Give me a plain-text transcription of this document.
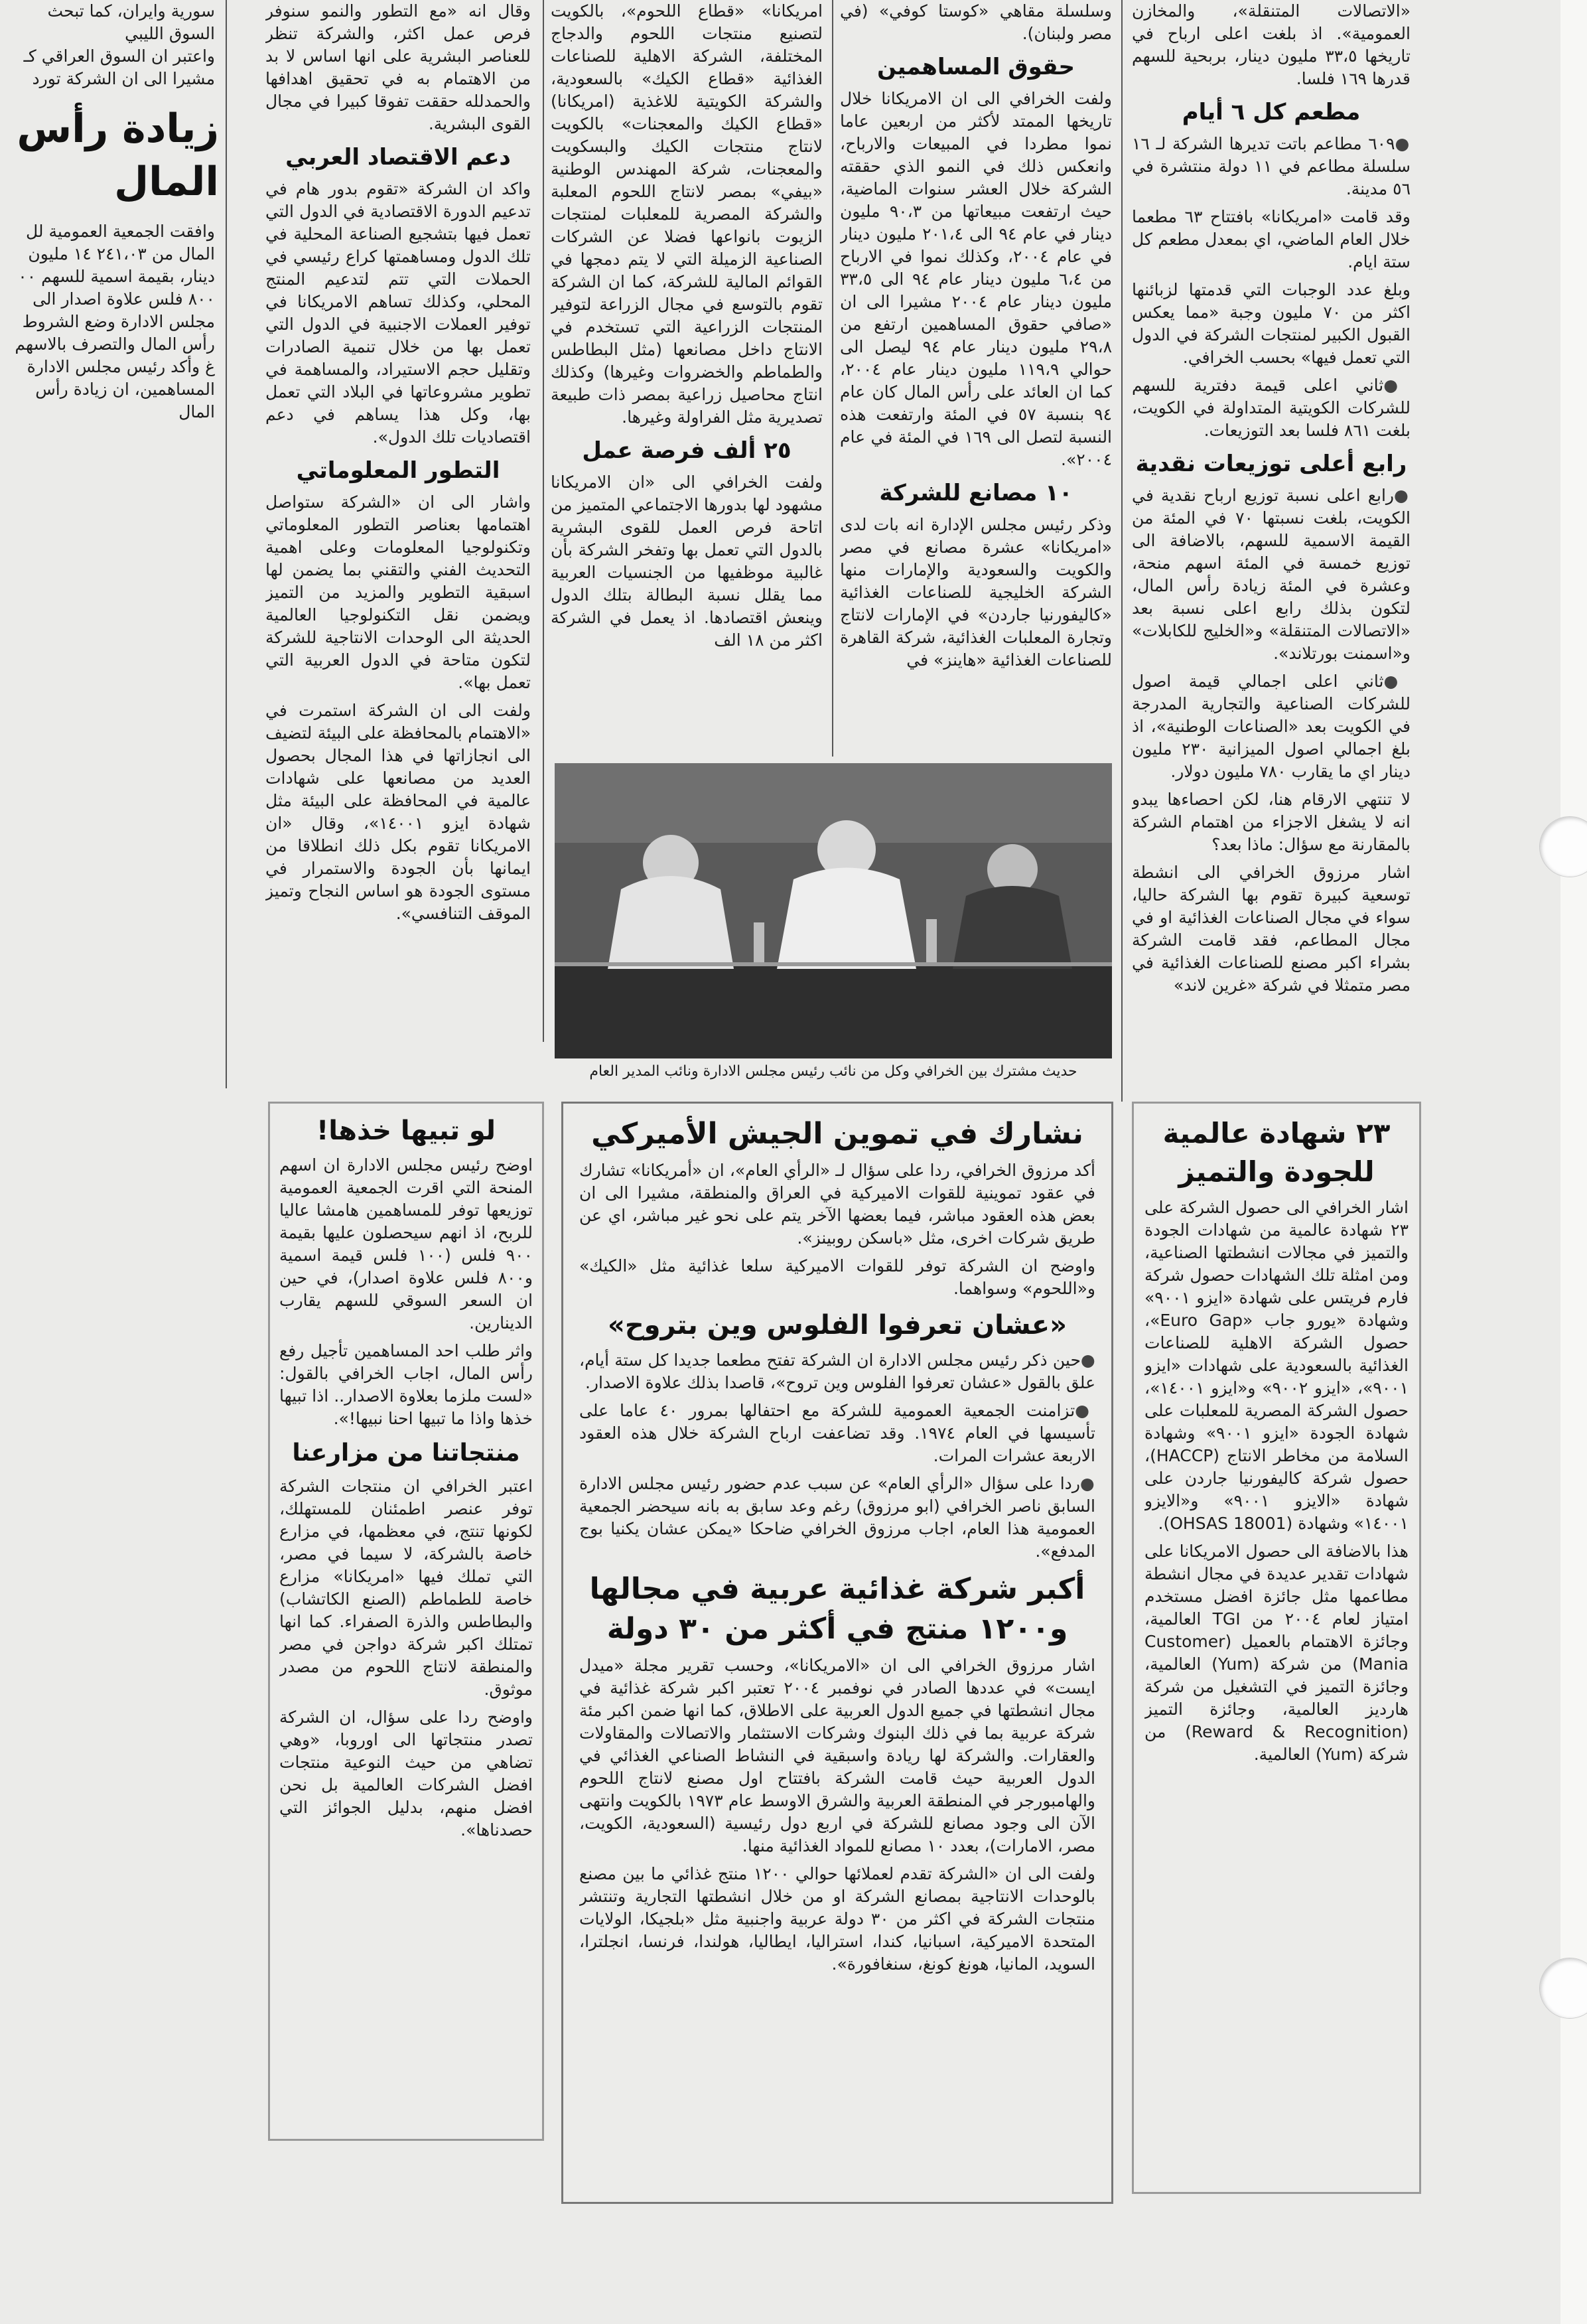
سورية وايران، كما تبحث

السوق الليبي

واعتبر ان السوق العراقي كـ

مشيرا الى ان الشركة تورد

زيادة رأس المال

وافقت الجمعية العمومية لل المال من ٢٤١،٠٣ ١٤ مليون دينار، بقيمة اسمية للسهم ٠٠ ٨٠٠ فلس علاوة اصدار الى مجلس الادارة وضع الشروط رأس المال والتصرف بالاسهم غ وأكد رئيس مجلس الادارة المساهمين، ان زيادة رأس المال

وقال انه «مع التطور والنمو سنوفر فرص عمل اكثر، والشركة تنظر للعناصر البشرية على انها اساس لا بد من الاهتمام به في تحقيق اهدافها والحمدلله حققت تفوقا كبيرا في مجال القوى البشرية.

دعم الاقتصاد العربي

واكد ان الشركة «تقوم بدور هام في تدعيم الدورة الاقتصادية في الدول التي تعمل فيها بتشجيع الصناعة المحلية في تلك الدول ومساهمتها كراع رئيسي في الحملات التي تتم لتدعيم المنتج المحلي، وكذلك تساهم الامريكانا في توفير العملات الاجنبية في الدول التي تعمل بها من خلال تنمية الصادرات وتقليل حجم الاستيراد، والمساهمة في تطوير مشروعاتها في البلاد التي تعمل بها، وكل هذا يساهم في دعم اقتصاديات تلك الدول».

التطور المعلوماتي

واشار الى ان «الشركة ستواصل اهتمامها بعناصر التطور المعلوماتي وتكنولوجيا المعلومات وعلى اهمية التحديث الفني والتقني بما يضمن لها اسبقية التطوير والمزيد من التميز ويضمن نقل التكنولوجيا العالمية الحديثة الى الوحدات الانتاجية للشركة لتكون متاحة في الدول العربية التي تعمل بها».

ولفت الى ان الشركة استمرت في «الاهتمام بالمحافظة على البيئة لتضيف الى انجازاتها في هذا المجال بحصول العديد من مصانعها على شهادات عالمية في المحافظة على البيئة مثل شهادة ايزو ١٤٠٠١»، وقال «ان الامريكانا تقوم بكل ذلك انطلاقا من ايمانها بأن الجودة والاستمرار في مستوى الجودة هو اساس النجاح وتميز الموقف التنافسي».

امريكانا» «قطاع اللحوم»، بالكويت لتصنيع منتجات اللحوم والدجاج المختلفة، الشركة الاهلية للصناعات الغذائية «قطاع الكيك» بالسعودية، والشركة الكويتية للاغذية (امريكانا) «قطاع الكيك والمعجنات» بالكويت لانتاج منتجات الكيك والبسكويت والمعجنات، شركة المهندس الوطنية «بيفي» بمصر لانتاج اللحوم المعلبة والشركة المصرية للمعلبات لمنتجات الزيوت بانواعها فضلا عن الشركات الصناعية الزميلة التي لا يتم دمجها في القوائم المالية للشركة، كما ان الشركة تقوم بالتوسع في مجال الزراعة لتوفير المنتجات الزراعية التي تستخدم في الانتاج داخل مصانعها (مثل البطاطس والطماطم والخضروات وغيرها) وكذلك انتاج محاصيل زراعية بمصر ذات طبيعة تصديرية مثل الفراولة وغيرها.

٢٥ ألف فرصة عمل

ولفت الخرافي الى «ان الامريكانا مشهود لها بدورها الاجتماعي المتميز من اتاحة فرص العمل للقوى البشرية بالدول التي تعمل بها وتفخر الشركة بأن غالبية موظفيها من الجنسيات العربية مما يقلل نسبة البطالة بتلك الدول وينعش اقتصادها. اذ يعمل في الشركة اكثر من ١٨ الف

وسلسلة مقاهي «كوستا كوفي» (في مصر ولبنان).

حقوق المساهمين

ولفت الخرافي الى ان الامريكانا خلال تاريخها الممتد لأكثر من اربعين عاما نموا مطردا في المبيعات والارباح، وانعكس ذلك في النمو الذي حققته الشركة خلال العشر سنوات الماضية، حيث ارتفعت مبيعاتها من ٩٠،٣ مليون دينار في عام ٩٤ الى ٢٠١،٤ مليون دينار في عام ٢٠٠٤، وكذلك نموا في الارباح من ٦،٤ مليون دينار عام ٩٤ الى ٣٣،٥ مليون دينار عام ٢٠٠٤ مشيرا الى ان «صافي حقوق المساهمين ارتفع من ٢٩،٨ مليون دينار عام ٩٤ ليصل الى حوالي ١١٩،٩ مليون دينار عام ٢٠٠٤، كما ان العائد على رأس المال كان عام ٩٤ بنسبة ٥٧ في المئة وارتفعت هذه النسبة لتصل الى ١٦٩ في المئة في عام ٢٠٠٤».

١٠ مصانع للشركة

وذكر رئيس مجلس الإدارة انه بات لدى «امريكانا» عشرة مصانع في مصر والكويت والسعودية والإمارات منها الشركة الخليجية للصناعات الغذائية «كاليفورنيا جاردن» في الإمارات لانتاج وتجارة المعلبات الغذائية، شركة القاهرة للصناعات الغذائية «هاينز» في

«الاتصالات المتنقلة»، والمخازن العمومية». اذ بلغت اعلى ارباح في تاريخها ٣٣،٥ مليون دينار، بربحية للسهم قدرها ١٦٩ فلسا.

مطعم كل ٦ أيام

● ٦٠٩ مطاعم باتت تديرها الشركة لـ ١٦ سلسلة مطاعم في ١١ دولة منتشرة في ٥٦ مدينة.

وقد قامت «امريكانا» بافتتاح ٦٣ مطعما خلال العام الماضي، اي بمعدل مطعم كل ستة ايام.

وبلغ عدد الوجبات التي قدمتها لزبائنها اكثر من ٧٠ مليون وجبة «مما يعكس القبول الكبير لمنتجات الشركة في الدول التي تعمل فيها» بحسب الخرافي.

● ثاني اعلى قيمة دفترية للسهم للشركات الكويتية المتداولة في الكويت، بلغت ٨٦١ فلسا بعد التوزيعات.

رابع أعلى توزيعات نقدية

● رابع اعلى نسبة توزيع ارباح نقدية في الكويت، بلغت نسبتها ٧٠ في المئة من القيمة الاسمية للسهم، بالاضافة الى توزيع خمسة في المئة اسهم منحة، وعشرة في المئة زيادة رأس المال، لتكون بذلك رابع اعلى نسبة بعد «الاتصالات المتنقلة» و«الخليج للكابلات» و«اسمنت بورتلاند».

● ثاني اعلى اجمالي قيمة اصول للشركات الصناعية والتجارية المدرجة في الكويت بعد «الصناعات الوطنية»، اذ بلغ اجمالي اصول الميزانية ٢٣٠ مليون دينار اي ما يقارب ٧٨٠ مليون دولار.

لا تنتهي الارقام هنا، لكن احصاءها يبدو انه لا يشغل الاجزاء من اهتمام الشركة بالمقارنة مع سؤال: ماذا بعد؟

اشار مرزوق الخرافي الى انشطة توسعية كبيرة تقوم بها الشركة حاليا، سواء في مجال الصناعات الغذائية او في مجال المطاعم، فقد قامت الشركة بشراء اكبر مصنع للصناعات الغذائية في مصر متمثلا في شركة «غرين لاند»

حديث مشترك بين الخرافي وكل من نائب رئيس مجلس الادارة ونائب المدير العام
لو تبيها خذها!

اوضح رئيس مجلس الادارة ان اسهم المنحة التي اقرت الجمعية العمومية توزيعها توفر للمساهمين هامشا عاليا للربح، اذ انهم سيحصلون عليها بقيمة ٩٠٠ فلس (١٠٠ فلس قيمة اسمية و٨٠٠ فلس علاوة اصدار)، في حين ان السعر السوقي للسهم يقارب الدينارين.

واثر طلب احد المساهمين تأجيل رفع رأس المال، اجاب الخرافي بالقول: «لست ملزما بعلاوة الاصدار.. اذا تبيها خذها واذا ما تبيها احنا نبيها!».

منتجاتنا من مزارعنا

اعتبر الخرافي ان منتجات الشركة توفر عنصر اطمئنان للمستهلك، لكونها تنتج، في معظمها، في مزارع خاصة بالشركة، لا سيما في مصر، التي تملك فيها «امريكانا» مزارع خاصة للطماطم (الصنع الكاتشاب) والبطاطس والذرة الصفراء. كما انها تمتلك اكبر شركة دواجن في مصر والمنطقة لانتاج اللحوم من مصدر موثوق.

واوضح ردا على سؤال، ان الشركة تصدر منتجاتها الى اوروبا، «وهي تضاهي من حيث النوعية منتجات افضل الشركات العالمية بل نحن افضل منهم، بدليل الجوائز التي حصدناها».

نشارك في تموين الجيش الأميركي

أكد مرزوق الخرافي، ردا على سؤال لـ «الرأي العام»، ان «أمريكانا» تشارك في عقود تموينية للقوات الاميركية في العراق والمنطقة، مشيرا الى ان بعض هذه العقود مباشر، فيما بعضها الآخر يتم على نحو غير مباشر، اي عن طريق شركات اخرى، مثل «باسكن روبينز».

واوضح ان الشركة توفر للقوات الاميركية سلعا غذائية مثل «الكيك» و«اللحوم» وسواهما.

«عشان تعرفوا الفلوس وين بتروح»

● حين ذكر رئيس مجلس الادارة ان الشركة تفتح مطعما جديدا كل ستة أيام، علق بالقول «عشان تعرفوا الفلوس وين تروح»، قاصدا بذلك علاوة الاصدار.

● تزامنت الجمعية العمومية للشركة مع احتفالها بمرور ٤٠ عاما على تأسيسها في العام ١٩٧٤. وقد تضاعفت ارباح الشركة خلال هذه العقود الاربعة عشرات المرات.

● ردا على سؤال «الرأي العام» عن سبب عدم حضور رئيس مجلس الادارة السابق ناصر الخرافي (ابو مرزوق) رغم وعد سابق به بانه سيحضر الجمعية العمومية هذا العام، اجاب مرزوق الخرافي ضاحكا «يمكن عشان يكنيا بوج المدفع».

أكبر شركة غذائية عربية في مجالها و١٢٠٠ منتج في أكثر من ٣٠ دولة

اشار مرزوق الخرافي الى ان «الامريكانا»، وحسب تقرير مجلة «ميدل ايست» في عددها الصادر في نوفمبر ٢٠٠٤ تعتبر اكبر شركة غذائية في مجال انشطتها في جميع الدول العربية على الاطلاق، كما انها ضمن اكبر مئة شركة عربية بما في ذلك البنوك وشركات الاستثمار والاتصالات والمقاولات والعقارات. والشركة لها ريادة واسبقية في النشاط الصناعي الغذائي في الدول العربية حيث قامت الشركة بافتتاح اول مصنع لانتاج اللحوم والهامبورجر في المنطقة العربية والشرق الاوسط عام ١٩٧٣ بالكويت وانتهى الآن الى وجود مصانع للشركة في اربع دول رئيسية (السعودية، الكويت، مصر، الامارات)، بعدد ١٠ مصانع للمواد الغذائية منها.

ولفت الى ان «الشركة تقدم لعملائها حوالي ١٢٠٠ منتج غذائي ما بين مصنع بالوحدات الانتاجية بمصانع الشركة او من خلال انشطتها التجارية وتنتشر منتجات الشركة في اكثر من ٣٠ دولة عربية واجنبية مثل «بلجيكا، الولايات المتحدة الاميركية، اسبانيا، كندا، استراليا، ايطاليا، هولندا، فرنسا، انجلترا، السويد، المانيا، هونغ كونغ، سنغافورة».

٢٣ شهادة عالمية للجودة والتميز

اشار الخرافي الى حصول الشركة على ٢٣ شهادة عالمية من شهادات الجودة والتميز في مجالات انشطتها الصناعية، ومن امثلة تلك الشهادات حصول شركة فارم فريتس على شهادة «ايزو ٩٠٠١» وشهادة «يورو جاب «Euro Gap»، حصول الشركة الاهلية للصناعات الغذائية بالسعودية على شهادات «ايزو ٩٠٠١»، «ايزو ٩٠٠٢» و«ايزو ١٤٠٠١»، حصول الشركة المصرية للمعلبات على شهادة الجودة «ايزو ٩٠٠١» وشهادة السلامة من مخاطر الانتاج (HACCP)، حصول شركة كاليفورنيا جاردن على شهادة «الايزو ٩٠٠١» و«الايزو ١٤٠٠١» وشهادة (OHSAS 18001).

هذا بالاضافة الى حصول الامريكانا على شهادات تقدير عديدة في مجال انشطة مطاعمها مثل جائزة افضل مستخدم امتياز لعام ٢٠٠٤ من TGI العالمية، وجائزة الاهتمام بالعميل (Customer Mania) من شركة (Yum) العالمية، وجائزة التميز في التشغيل من شركة هارديز العالمية، وجائزة التميز (Reward & Recognition) من شركة (Yum) العالمية.
